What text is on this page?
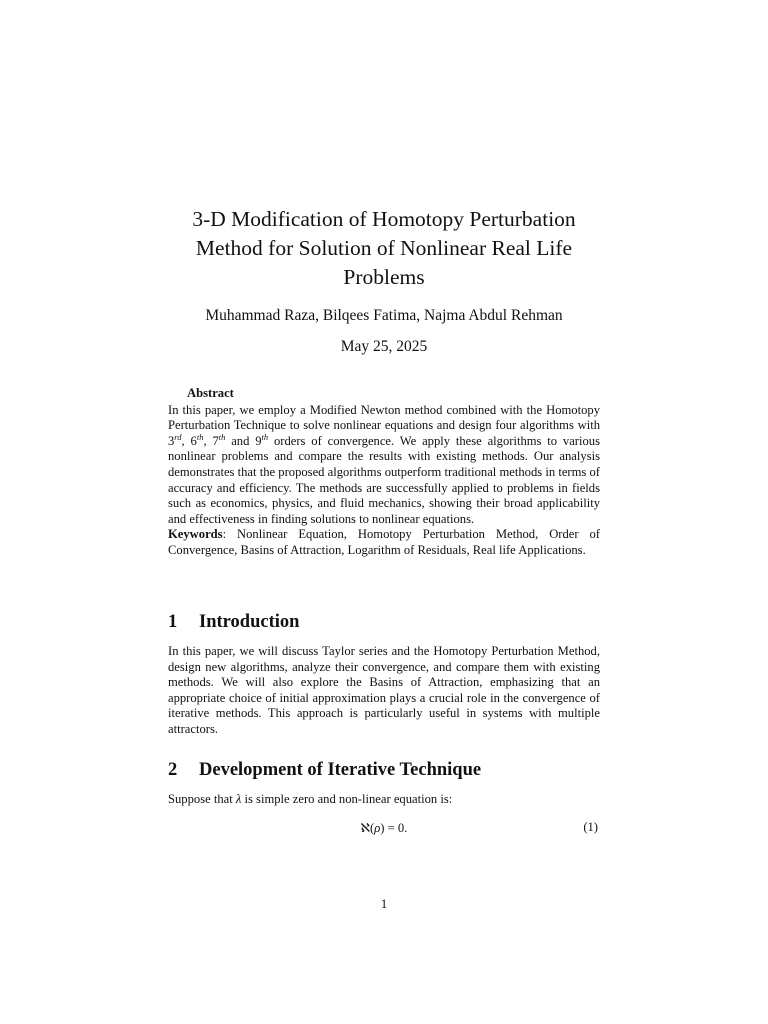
3-D Modification of Homotopy Perturbation
Method for Solution of Nonlinear Real Life
Problems
Muhammad Raza, Bilqees Fatima, Najma Abdul Rehman
May 25, 2025
Abstract

In this paper, we employ a Modified Newton method combined with the Homotopy Perturbation Technique to solve nonlinear equations and design four algorithms with 3rd, 6th, 7th and 9th orders of convergence. We apply these algorithms to various nonlinear problems and compare the results with existing methods. Our analysis demonstrates that the proposed algorithms outperform traditional methods in terms of accuracy and efficiency. The methods are successfully applied to problems in fields such as economics, physics, and fluid mechanics, showing their broad applicability and effectiveness in finding solutions to nonlinear equations.

Keywords: Nonlinear Equation, Homotopy Perturbation Method, Order of Convergence, Basins of Attraction, Logarithm of Residuals, Real life Applications.

1 Introduction

In this paper, we will discuss Taylor series and the Homotopy Perturbation Method, design new algorithms, analyze their convergence, and compare them with existing methods. We will also explore the Basins of Attraction, emphasizing that an appropriate choice of initial approximation plays a crucial role in the convergence of iterative methods. This approach is particularly useful in systems with multiple attractors.

2 Development of Iterative Technique

Suppose that λ is simple zero and non-linear equation is:

ℵ(ρ) = 0.	(1)
1
